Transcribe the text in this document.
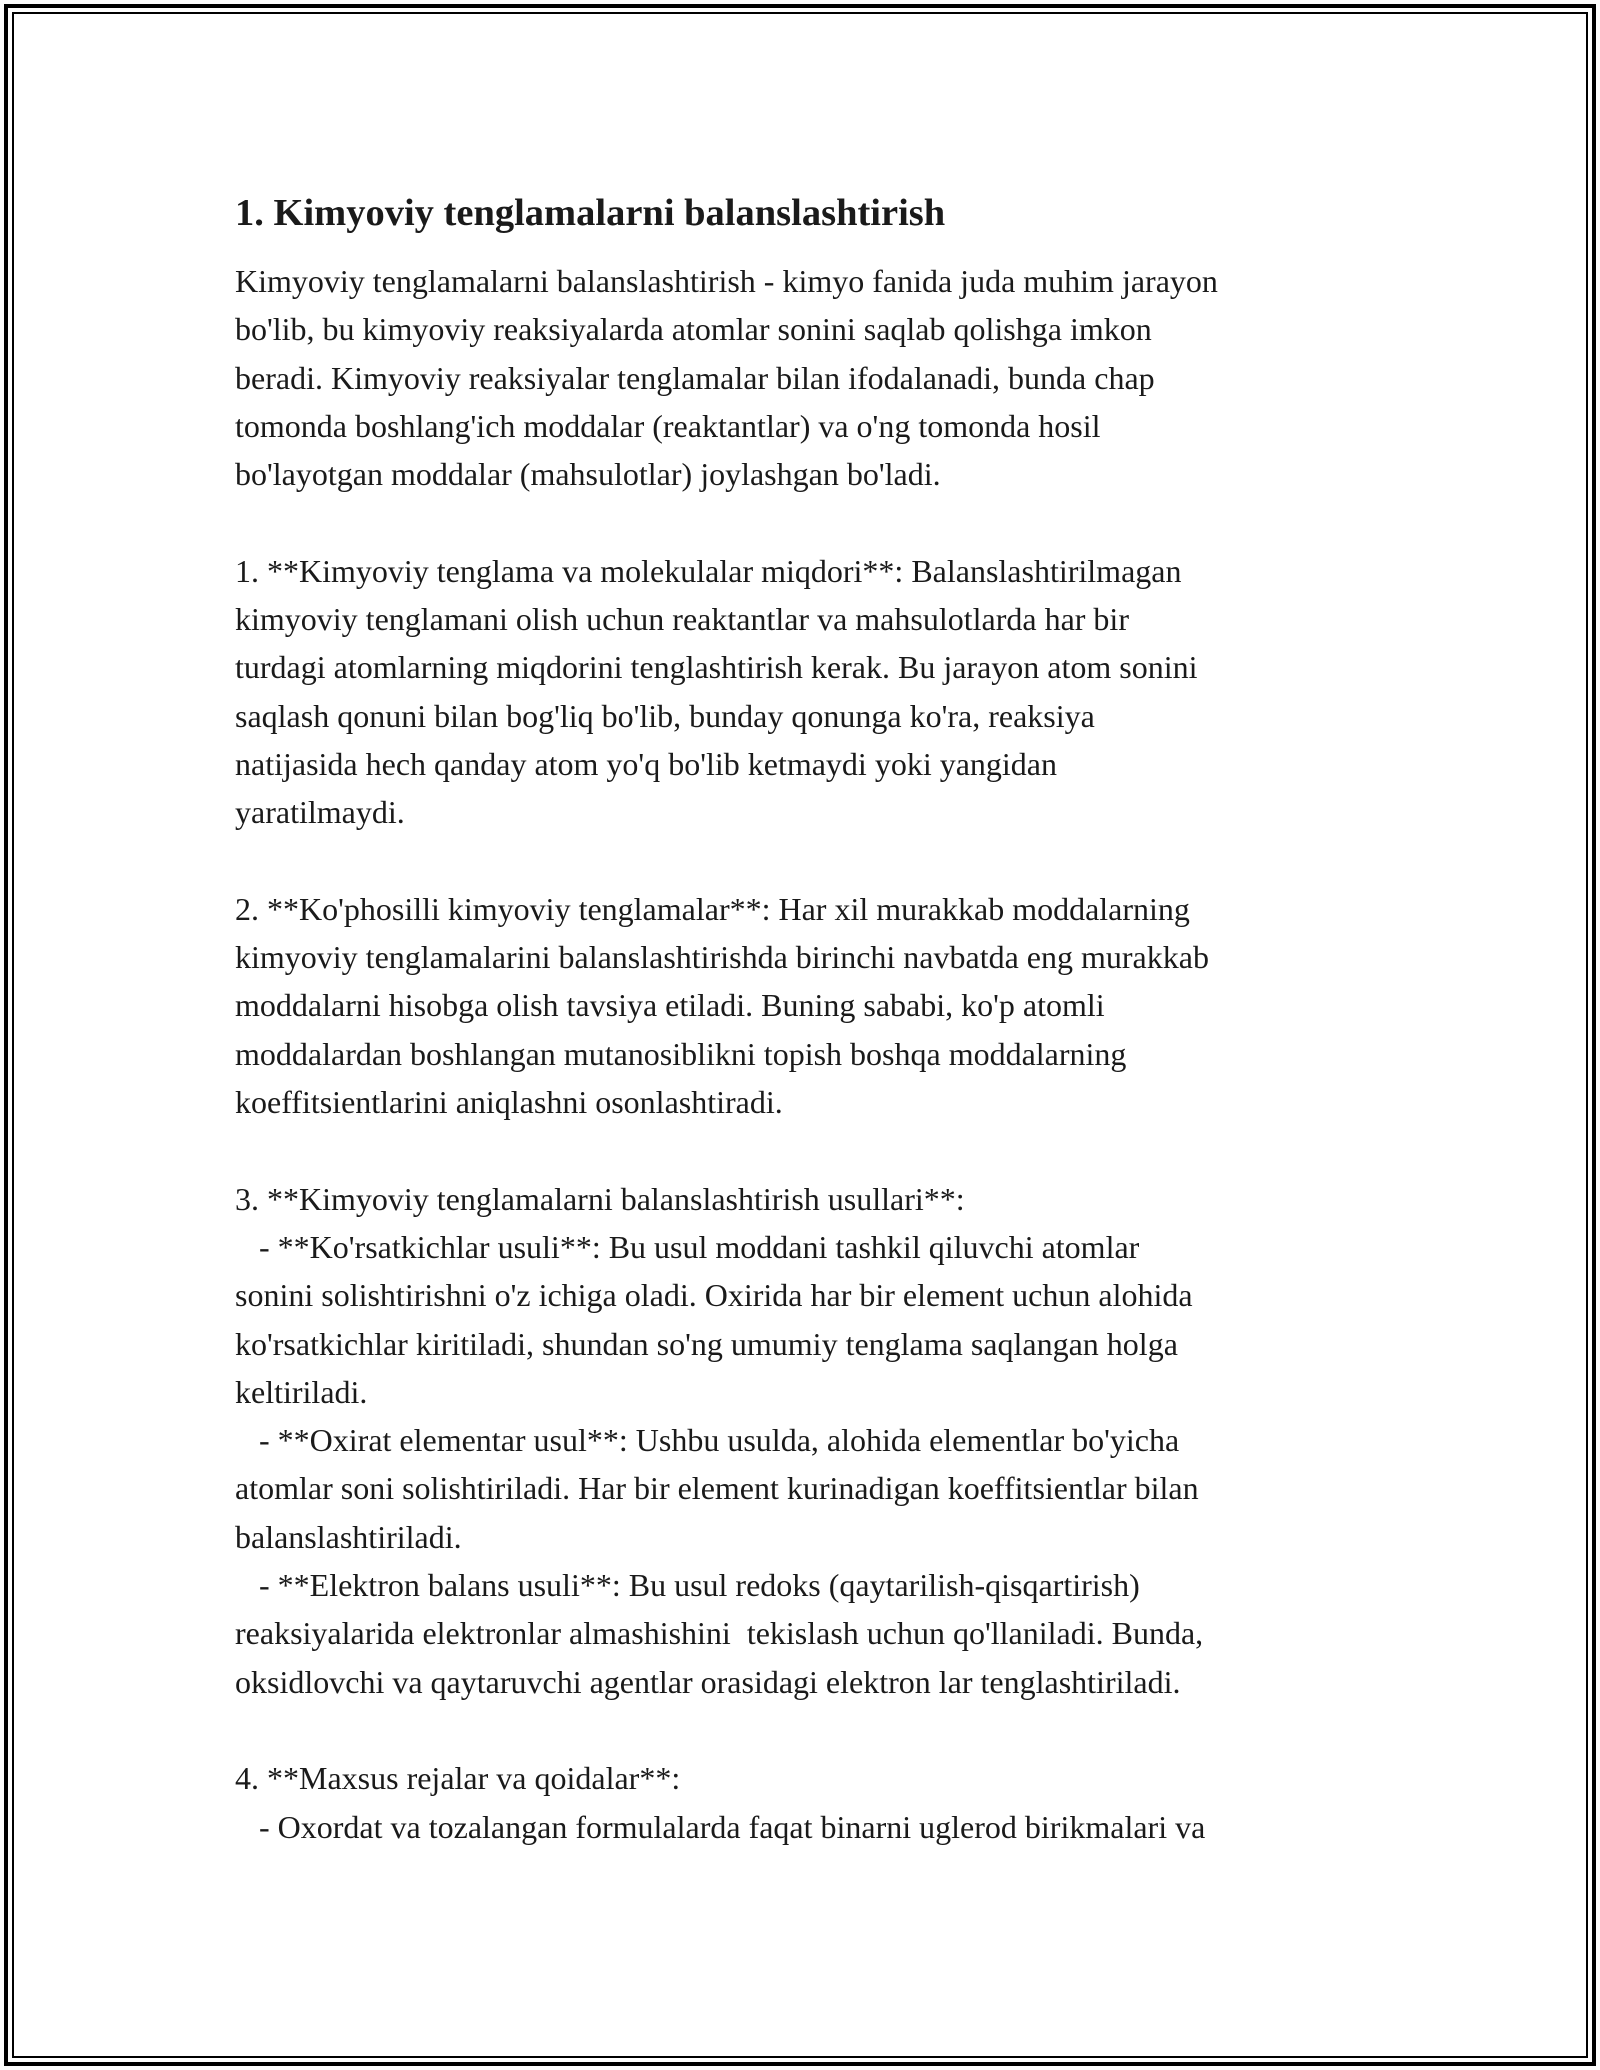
1. Kimyoviy tenglamalarni balanslashtirish

Kimyoviy tenglamalarni balanslashtirish - kimyo fanida juda muhim jarayon
bo'lib, bu kimyoviy reaksiyalarda atomlar sonini saqlab qolishga imkon
beradi. Kimyoviy reaksiyalar tenglamalar bilan ifodalanadi, bunda chap
tomonda boshlang'ich moddalar (reaktantlar) va o'ng tomonda hosil
bo'layotgan moddalar (mahsulotlar) joylashgan bo'ladi.

1. **Kimyoviy tenglama va molekulalar miqdori**: Balanslashtirilmagan
kimyoviy tenglamani olish uchun reaktantlar va mahsulotlarda har bir
turdagi atomlarning miqdorini tenglashtirish kerak. Bu jarayon atom sonini
saqlash qonuni bilan bog'liq bo'lib, bunday qonunga ko'ra, reaksiya
natijasida hech qanday atom yo'q bo'lib ketmaydi yoki yangidan
yaratilmaydi.

2. **Ko'phosilli kimyoviy tenglamalar**: Har xil murakkab moddalarning
kimyoviy tenglamalarini balanslashtirishda birinchi navbatda eng murakkab
moddalarni hisobga olish tavsiya etiladi. Buning sababi, ko'p atomli
moddalardan boshlangan mutanosiblikni topish boshqa moddalarning
koeffitsientlarini aniqlashni osonlashtiradi.

3. **Kimyoviy tenglamalarni balanslashtirish usullari**:
- **Ko'rsatkichlar usuli**: Bu usul moddani tashkil qiluvchi atomlar
sonini solishtirishni o'z ichiga oladi. Oxirida har bir element uchun alohida
ko'rsatkichlar kiritiladi, shundan so'ng umumiy tenglama saqlangan holga
keltiriladi.
- **Oxirat elementar usul**: Ushbu usulda, alohida elementlar bo'yicha
atomlar soni solishtiriladi. Har bir element kurinadigan koeffitsientlar bilan
balanslashtiriladi.
- **Elektron balans usuli**: Bu usul redoks (qaytarilish-qisqartirish)
reaksiyalarida elektronlar almashishini  tekislash uchun qo'llaniladi. Bunda,
oksidlovchi va qaytaruvchi agentlar orasidagi elektron lar tenglashtiriladi.

4. **Maxsus rejalar va qoidalar**:
- Oxordat va tozalangan formulalarda faqat binarni uglerod birikmalari va
